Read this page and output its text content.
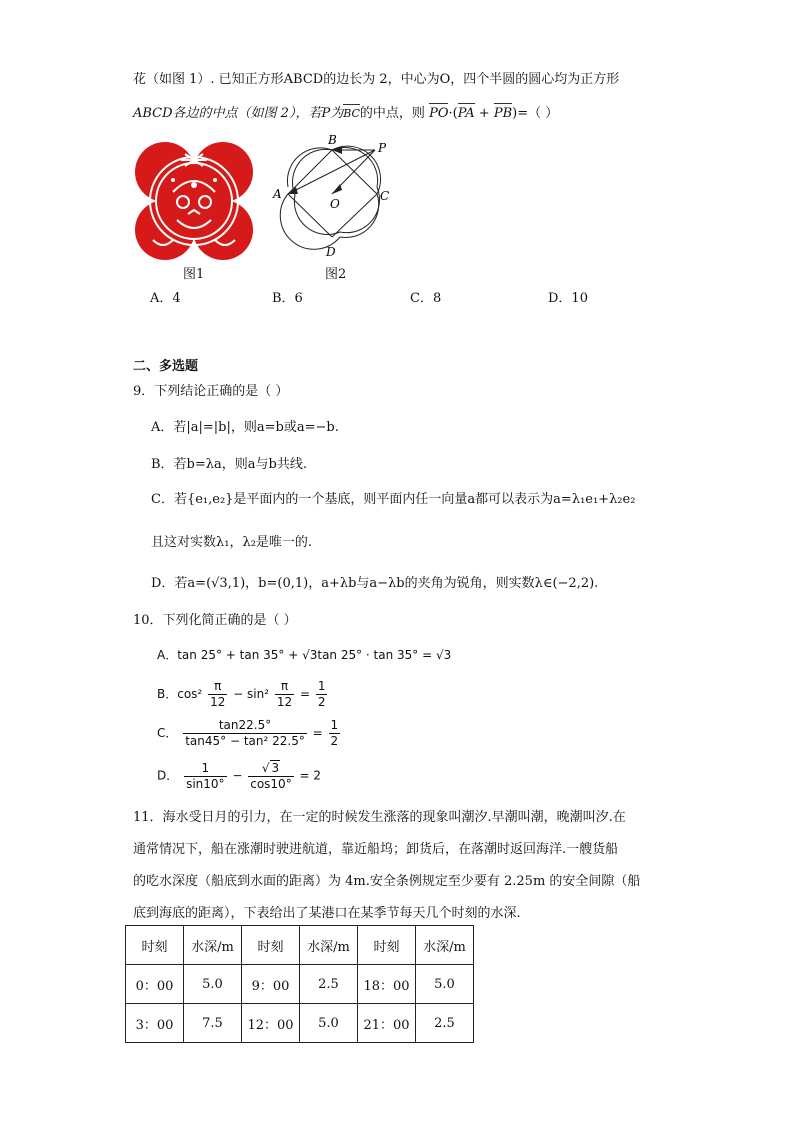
花（如图 1）. 已知正方形ABCD的边长为 2，中心为O，四个半圆的圆心均为正方形
ABCD各边的中点（如图 2），若P为BC的中点，则 PO·(PA + PB)=（ ）
B
P
A	C
O
D
图1	图2
A．4	B．6	C．8	D．10
二、多选题
9．下列结论正确的是（ ）
A．若|a|=|b|，则a=b或a=−b.
B．若b=λa，则a与b共线.
C．若{e₁,e₂}是平面内的一个基底，则平面内任一向量a都可以表示为a=λ₁e₁+λ₂e₂
且这对实数λ₁，λ₂是唯一的.
D．若a=(√3,1)，b=(0,1)，a+λb与a−λb的夹角为锐角，则实数λ∈(−2,2).
10．下列化简正确的是（ ）
A．tan 25° + tan 35° + √3tan 25° · tan 35° = √3
B．$\cos^2 \frac{\pi}{12} - \sin^2 \frac{\pi}{12} = \frac{1}{2}$
C． $\frac{\tan 22.5^\circ}{\text{tan45° − tan² 22.5°}} = \frac{1}{2}$
D． $\frac{1}{\sin 10^\circ} - \frac{√ 3}{\cos 10^\circ} = 2$
11．海水受日月的引力，在一定的时候发生涨落的现象叫潮汐.早潮叫潮，晚潮叫汐.在
通常情况下，船在涨潮时驶进航道，靠近船坞；卸货后，在落潮时返回海洋.一艘货船
的吃水深度（船底到水面的距离）为 4m.安全条例规定至少要有 2.25m 的安全间隙（船
底到海底的距离），下表给出了某港口在某季节每天几个时刻的水深.
时刻	水深/m	时刻	水深/m	时刻	水深/m
0：00	5.0	9：00	2.5	18：00	5.0
3：00	7.5	12：00	5.0	21：00	2.5
